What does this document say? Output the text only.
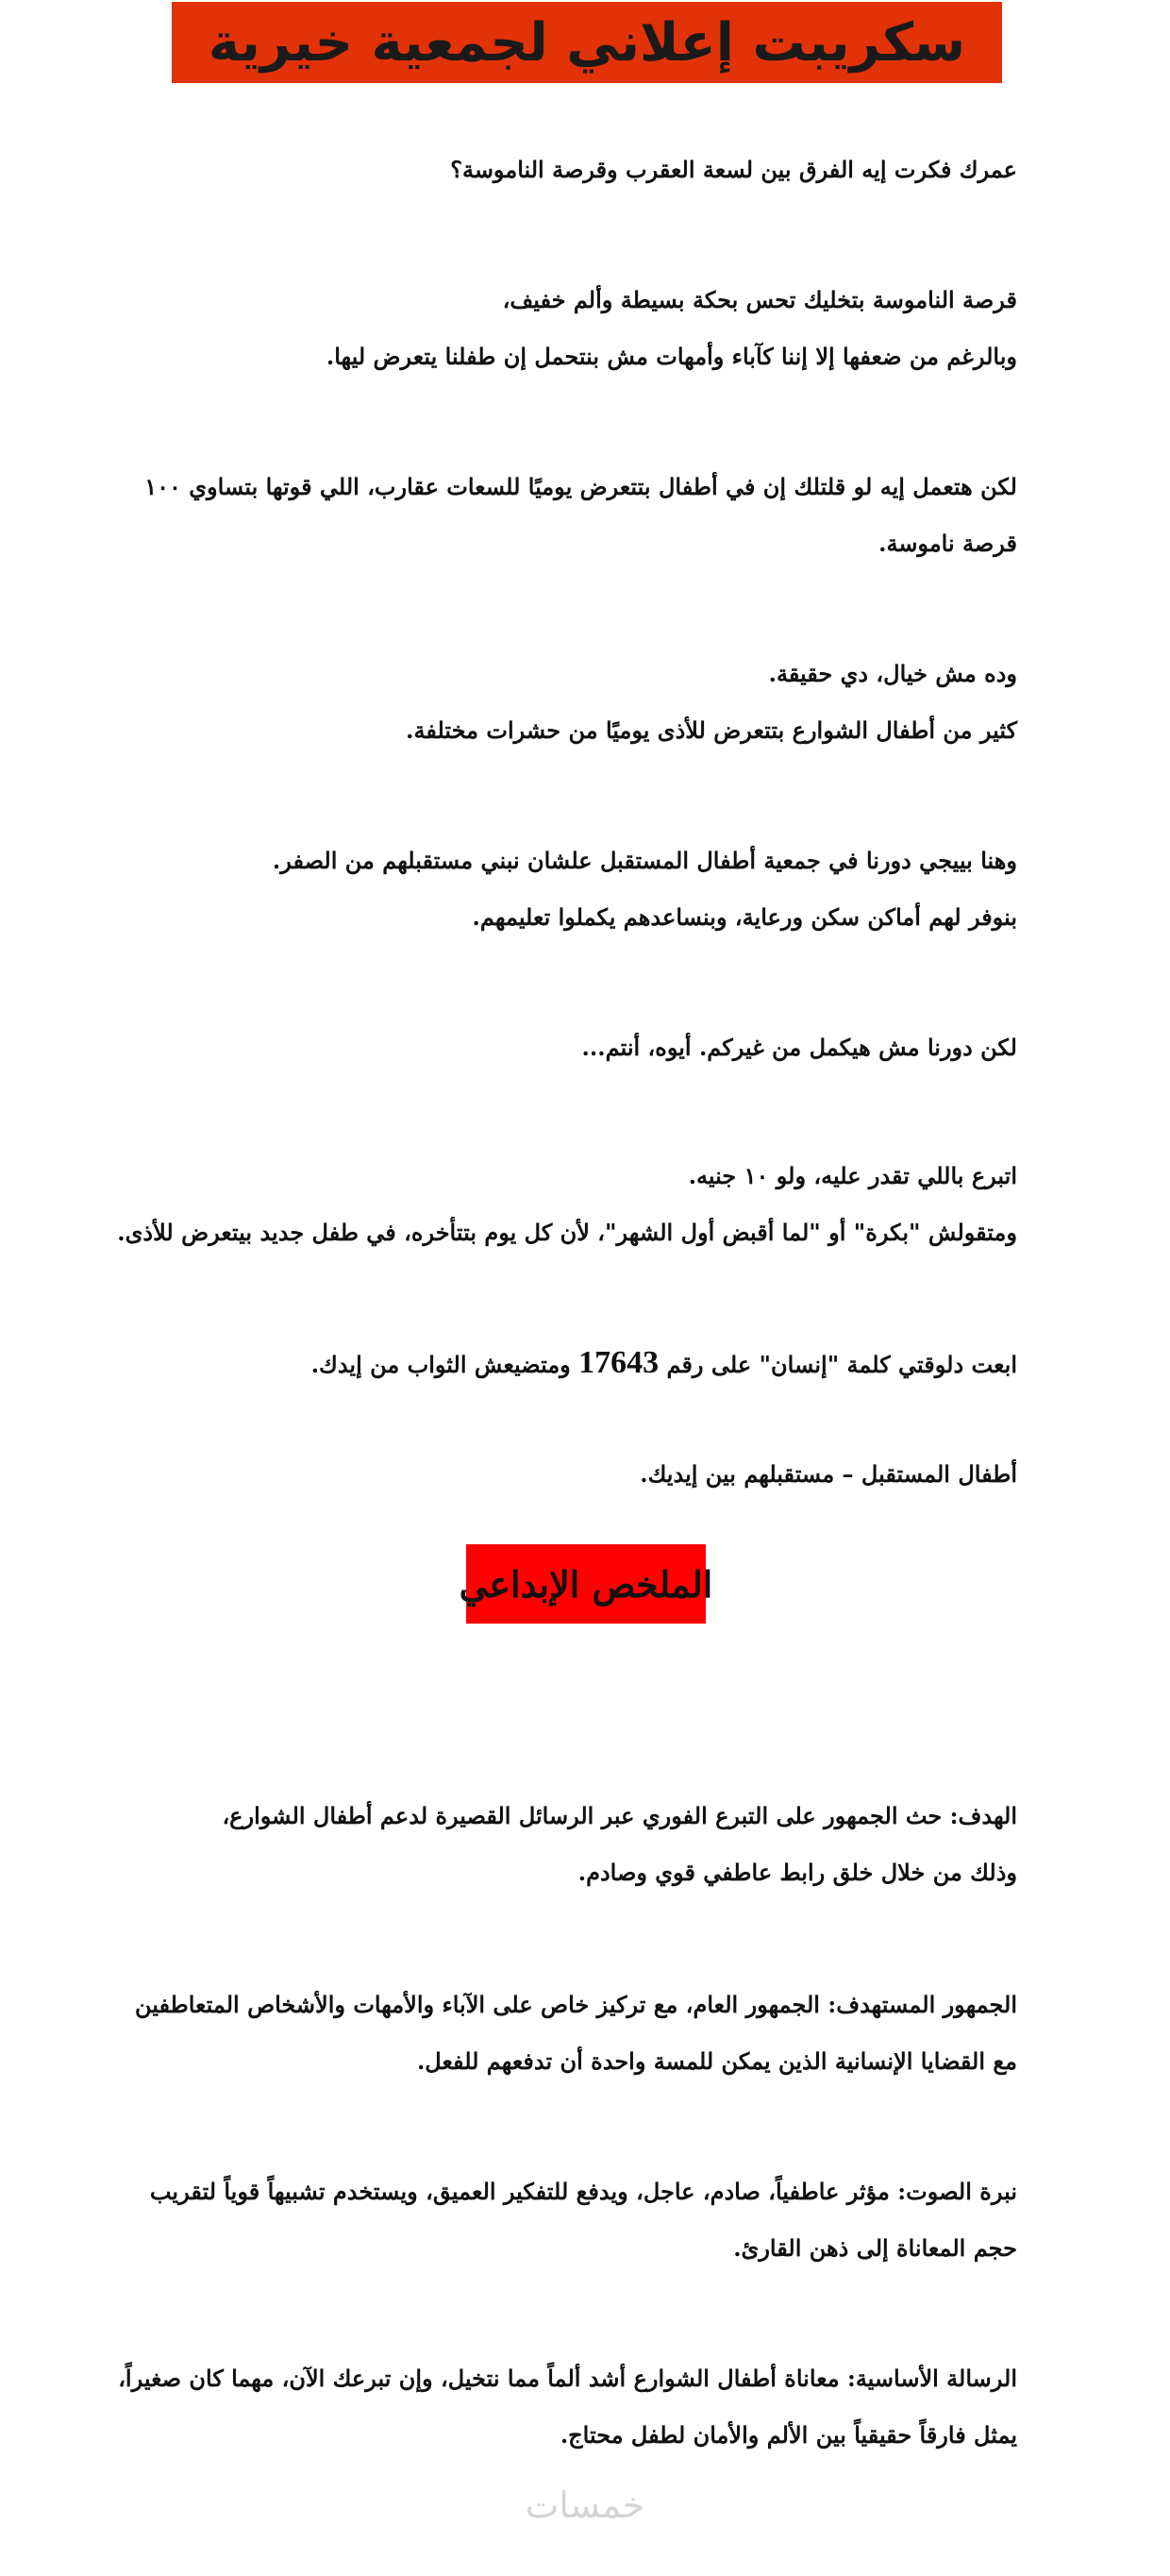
سكريبت إعلاني لجمعية خيرية
عمرك فكرت إيه الفرق بين لسعة العقرب وقرصة الناموسة؟
قرصة الناموسة بتخليك تحس بحكة بسيطة وألم خفيف،
وبالرغم من ضعفها إلا إننا كآباء وأمهات مش بنتحمل إن طفلنا يتعرض ليها.
لكن هتعمل إيه لو قلتلك إن في أطفال بتتعرض يوميًا للسعات عقارب، اللي قوتها بتساوي ١٠٠
قرصة ناموسة.
وده مش خيال، دي حقيقة.
كثير من أطفال الشوارع بتتعرض للأذى يوميًا من حشرات مختلفة.
وهنا بييجي دورنا في جمعية أطفال المستقبل علشان نبني مستقبلهم من الصفر.
بنوفر لهم أماكن سكن ورعاية، وبنساعدهم يكملوا تعليمهم.
لكن دورنا مش هيكمل من غيركم. أيوه، أنتم...
اتبرع باللي تقدر عليه، ولو ١٠ جنيه.
ومتقولش "بكرة" أو "لما أقبض أول الشهر"، لأن كل يوم بتتأخره، في طفل جديد بيتعرض للأذى.
ابعت دلوقتي كلمة "إنسان" على رقم 17643 ومتضيعش الثواب من إيدك.
أطفال المستقبل – مستقبلهم بين إيديك.
الملخص الإبداعي
الهدف: حث الجمهور على التبرع الفوري عبر الرسائل القصيرة لدعم أطفال الشوارع،
وذلك من خلال خلق رابط عاطفي قوي وصادم.
الجمهور المستهدف: الجمهور العام، مع تركيز خاص على الآباء والأمهات والأشخاص المتعاطفين
مع القضايا الإنسانية الذين يمكن للمسة واحدة أن تدفعهم للفعل.
نبرة الصوت: مؤثر عاطفياً، صادم، عاجل، ويدفع للتفكير العميق، ويستخدم تشبيهاً قوياً لتقريب
حجم المعاناة إلى ذهن القارئ.
الرسالة الأساسية: معاناة أطفال الشوارع أشد ألماً مما نتخيل، وإن تبرعك الآن، مهما كان صغيراً،
يمثل فارقاً حقيقياً بين الألم والأمان لطفل محتاج.
خمسات
